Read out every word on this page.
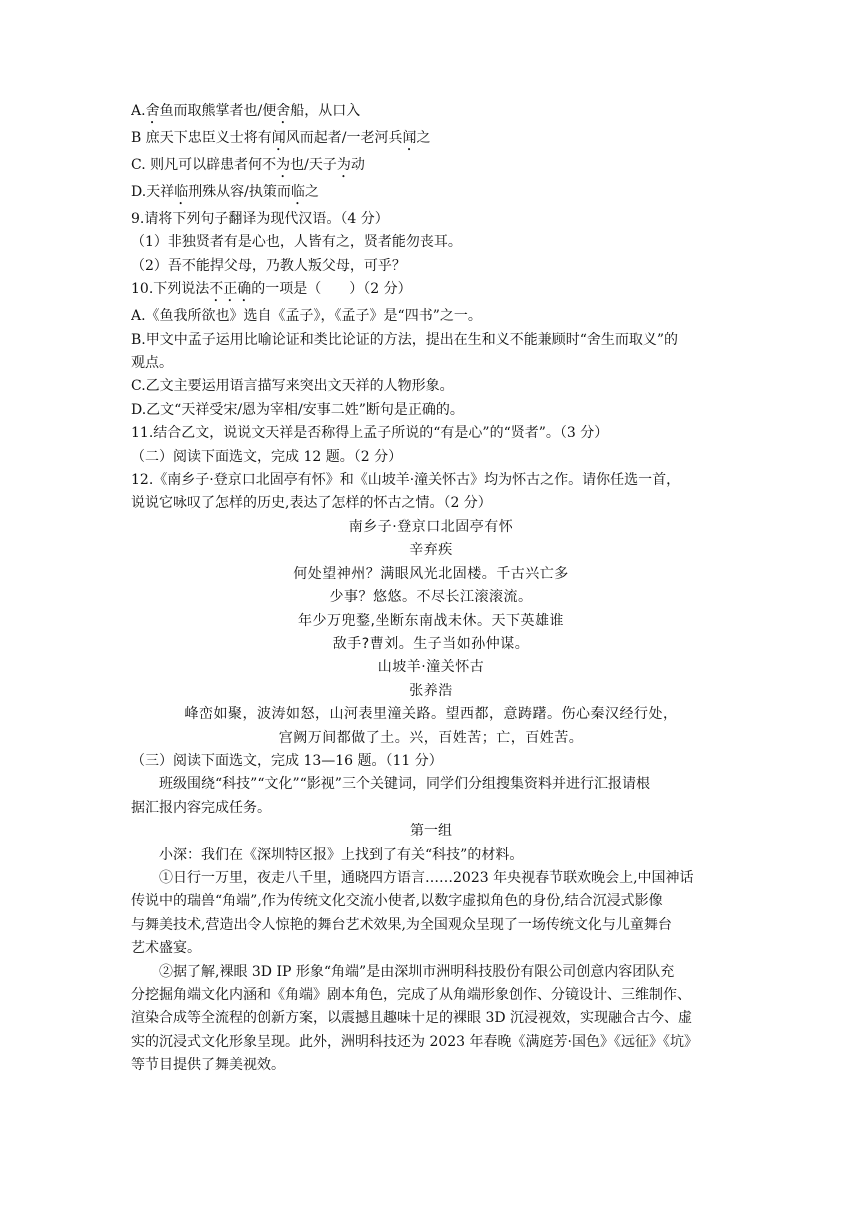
A.舍鱼而取熊掌者也/便舍船，从口入
B 庶天下忠臣义士将有闻风而起者/一老河兵闻之
C. 则凡可以辟患者何不为也/天子为动
D.天祥临刑殊从容/执策而临之
9.请将下列句子翻译为现代汉语。（4 分）
（1）非独贤者有是心也，人皆有之，贤者能勿丧耳。
（2）吾不能捍父母，乃教人叛父母，可乎？
10.下列说法不正确的一项是（　　）（2 分）
A.《鱼我所欲也》选自《孟子》，《孟子》是“四书”之一。
B.甲文中孟子运用比喻论证和类比论证的方法，提出在生和义不能兼顾时“舍生而取义”的
观点。
C.乙文主要运用语言描写来突出文天祥的人物形象。
D.乙文“天祥受宋/恩为宰相/安事二姓”断句是正确的。
11.结合乙文，说说文天祥是否称得上孟子所说的“有是心”的“贤者”。（3 分）
（二）阅读下面选文，完成 12 题。（2 分）
12.《南乡子·登京口北固亭有怀》和《山坡羊·潼关怀古》均为怀古之作。请你任选一首，
说说它咏叹了怎样的历史,表达了怎样的怀古之情。（2 分）
南乡子·登京口北固亭有怀
辛弃疾
何处望神州？满眼风光北固楼。千古兴亡多
少事？悠悠。不尽长江滚滚流。
年少万兜鍪,坐断东南战未休。天下英雄谁
敌手?曹刘。生子当如孙仲谋。
山坡羊·潼关怀古
张养浩
峰峦如聚，波涛如怒，山河表里潼关路。望西都，意踌躇。伤心秦汉经行处，
宫阙万间都做了土。兴，百姓苦；亡，百姓苦。
（三）阅读下面选文，完成 13—16 题。（11 分）
班级围绕“科技”“文化”“影视”三个关键词，同学们分组搜集资料并进行汇报请根
据汇报内容完成任务。
第一组
小深：我们在《深圳特区报》上找到了有关“科技”的材料。
①日行一万里，夜走八千里，通晓四方语言……2023 年央视春节联欢晚会上,中国神话
传说中的瑞兽“角端”,作为传统文化交流小使者,以数字虚拟角色的身份,结合沉浸式影像
与舞美技术,营造出令人惊艳的舞台艺术效果,为全国观众呈现了一场传统文化与儿童舞台
艺术盛宴。
②据了解,裸眼 3D IP 形象“角端”是由深圳市洲明科技股份有限公司创意内容团队充
分挖掘角端文化内涵和《角端》剧本角色，完成了从角端形象创作、分镜设计、三维制作、
渲染合成等全流程的创新方案，以震撼且趣味十足的裸眼 3D 沉浸视效，实现融合古今、虚
实的沉浸式文化形象呈现。此外，洲明科技还为 2023 年春晚《满庭芳·国色》《远征》《坑》
等节目提供了舞美视效。
